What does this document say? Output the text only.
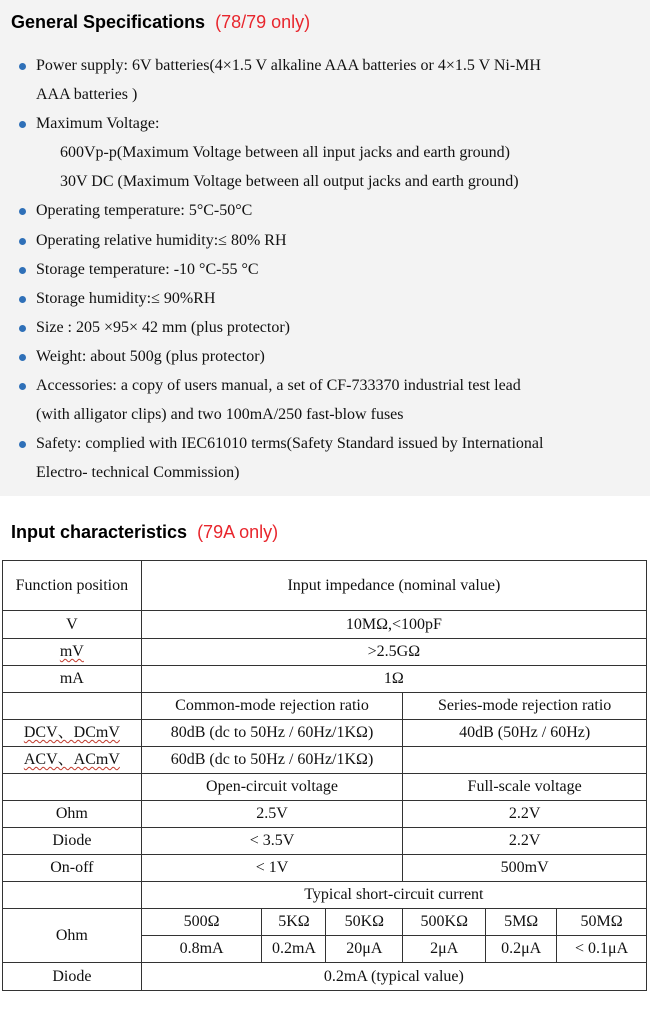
General Specifications (78/79 only)
Power supply: 6V batteries(4×1.5 V alkaline AAA batteries or 4×1.5 V Ni-MH
AAA batteries )
Maximum Voltage:
600Vp-p(Maximum Voltage between all input jacks and earth ground)
30V DC (Maximum Voltage between all output jacks and earth ground)
Operating temperature: 5°C-50°C
Operating relative humidity:≤ 80% RH
Storage temperature: -10 °C-55 °C
Storage humidity:≤ 90%RH
Size : 205 ×95× 42 mm (plus protector)
Weight: about 500g (plus protector)
Accessories: a copy of users manual, a set of CF-733370 industrial test lead
(with alligator clips) and two 100mA/250 fast-blow fuses
Safety: complied with IEC61010 terms(Safety Standard issued by International
Electro- technical Commission)
Input characteristics (79A only)
Function position	Input impedance (nominal value)					
V	10MΩ,<100pF					
mV	>2.5GΩ					
mA	1Ω					
	Common-mode rejection ratio			Series-mode rejection ratio		
DCV、DCmV	80dB (dc to 50Hz / 60Hz/1KΩ)			40dB (50Hz / 60Hz)		
ACV、ACmV	60dB (dc to 50Hz / 60Hz/1KΩ)					
	Open-circuit voltage			Full-scale voltage		
Ohm	2.5V			2.2V		
Diode	< 3.5V			2.2V		
On-off	< 1V			500mV		
	Typical short-circuit current					
Ohm	500Ω	5KΩ	50KΩ	500KΩ	5MΩ	50MΩ
	0.8mA	0.2mA	20μA	2μA	0.2μA	< 0.1μA
Diode	0.2mA (typical value)					
